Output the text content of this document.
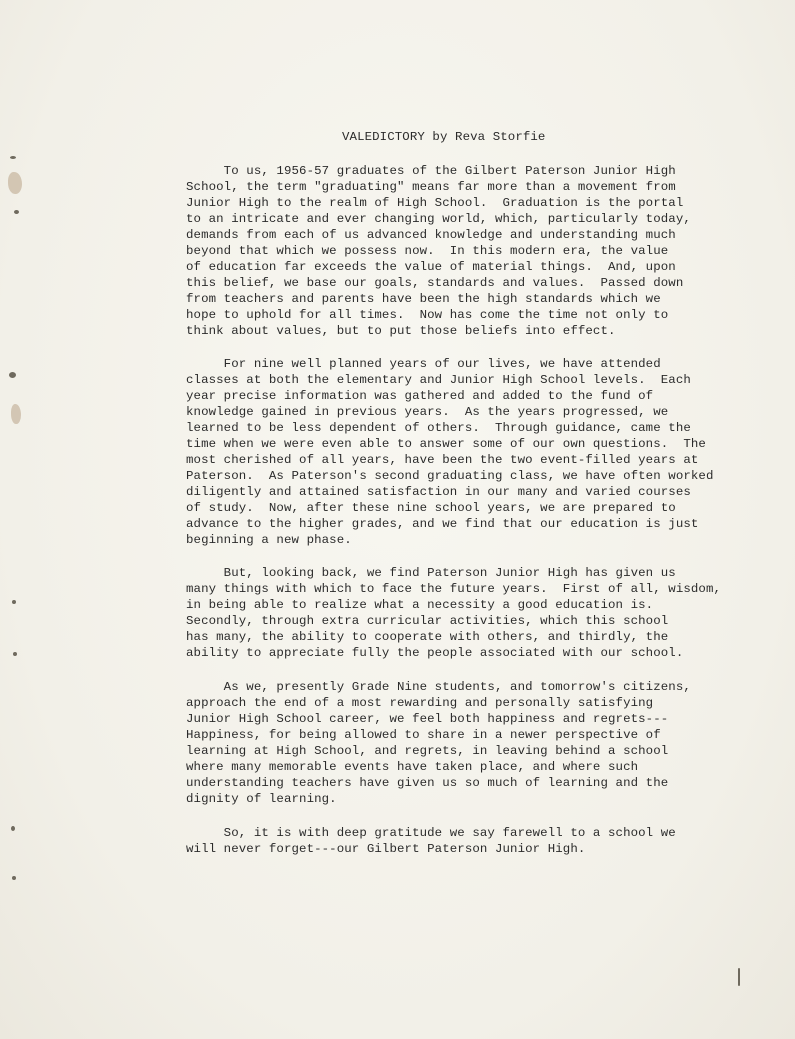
VALEDICTORY by Reva Storfie
To us, 1956-57 graduates of the Gilbert Paterson Junior High
School, the term "graduating" means far more than a movement from
Junior High to the realm of High School.  Graduation is the portal
to an intricate and ever changing world, which, particularly today,
demands from each of us advanced knowledge and understanding much
beyond that which we possess now.  In this modern era, the value
of education far exceeds the value of material things.  And, upon
this belief, we base our goals, standards and values.  Passed down
from teachers and parents have been the high standards which we
hope to uphold for all times.  Now has come the time not only to
think about values, but to put those beliefs into effect.
For nine well planned years of our lives, we have attended
classes at both the elementary and Junior High School levels.  Each
year precise information was gathered and added to the fund of
knowledge gained in previous years.  As the years progressed, we
learned to be less dependent of others.  Through guidance, came the
time when we were even able to answer some of our own questions.  The
most cherished of all years, have been the two event-filled years at
Paterson.  As Paterson's second graduating class, we have often worked
diligently and attained satisfaction in our many and varied courses
of study.  Now, after these nine school years, we are prepared to
advance to the higher grades, and we find that our education is just
beginning a new phase.
But, looking back, we find Paterson Junior High has given us
many things with which to face the future years.  First of all, wisdom,
in being able to realize what a necessity a good education is.
Secondly, through extra curricular activities, which this school
has many, the ability to cooperate with others, and thirdly, the
ability to appreciate fully the people associated with our school.
As we, presently Grade Nine students, and tomorrow's citizens,
approach the end of a most rewarding and personally satisfying
Junior High School career, we feel both happiness and regrets---
Happiness, for being allowed to share in a newer perspective of
learning at High School, and regrets, in leaving behind a school
where many memorable events have taken place, and where such
understanding teachers have given us so much of learning and the
dignity of learning.
So, it is with deep gratitude we say farewell to a school we
will never forget---our Gilbert Paterson Junior High.
